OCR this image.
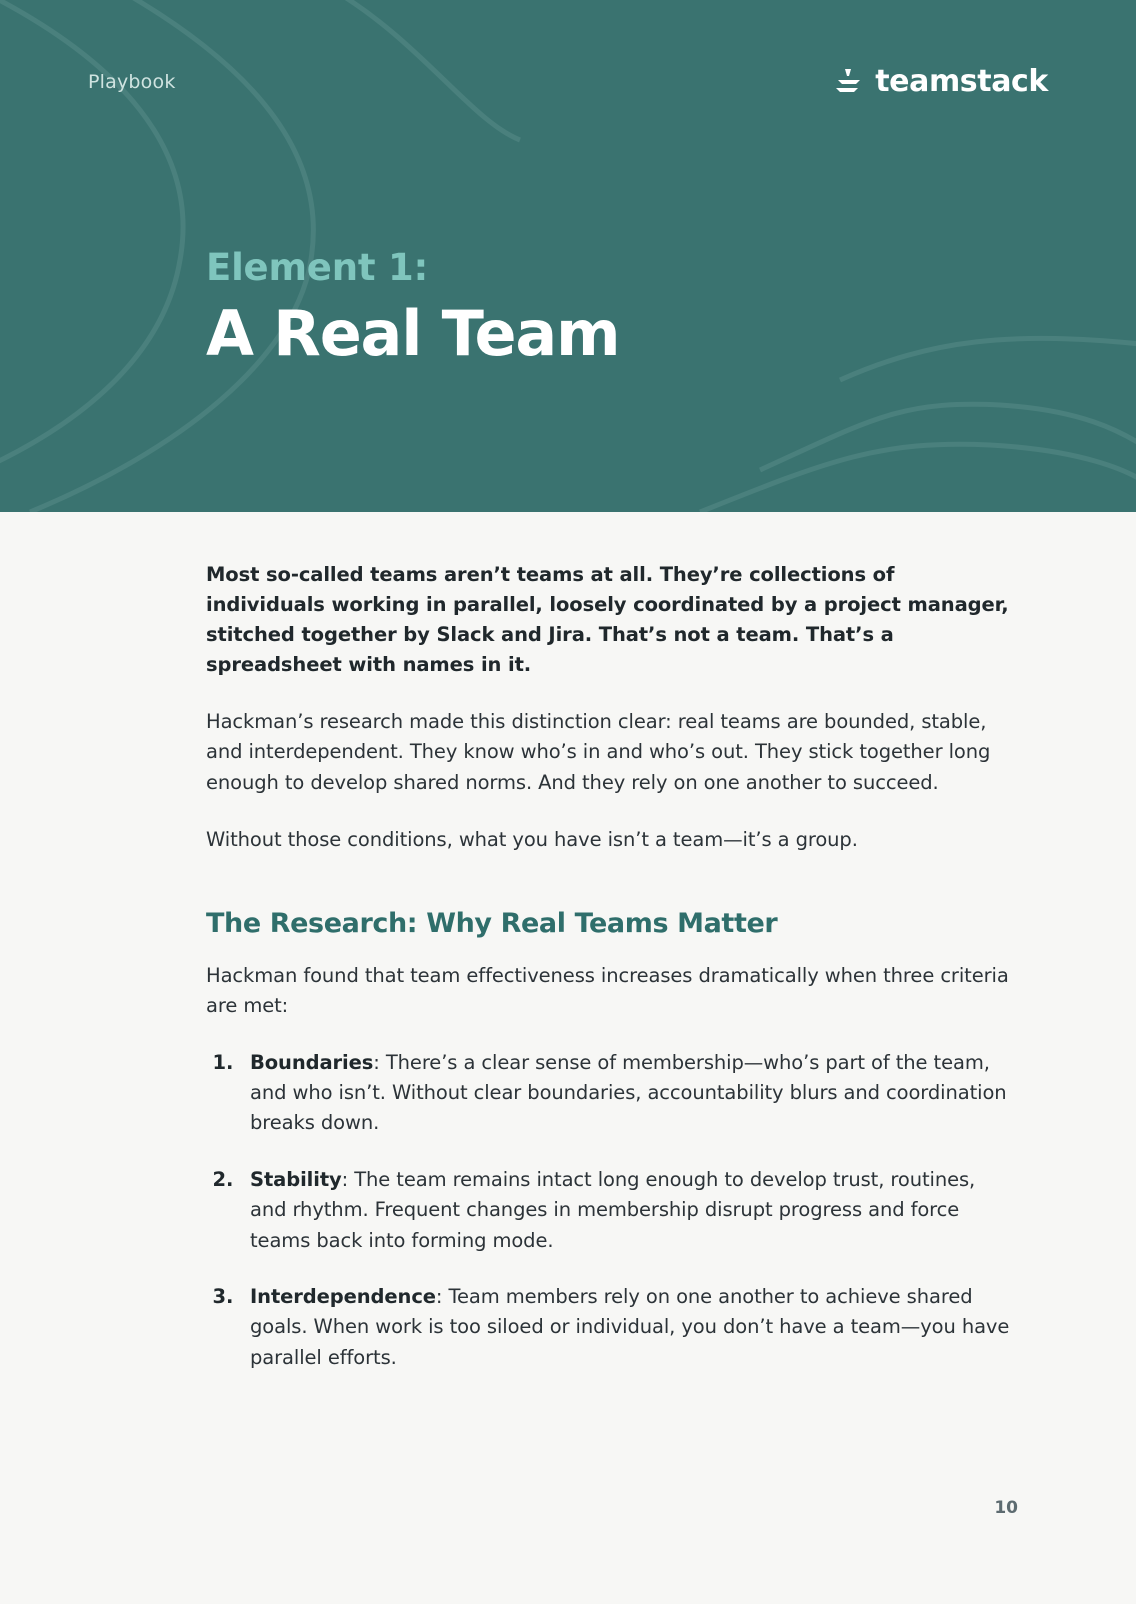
Playbook	teamstack
Element 1:
A Real Team

Most so-called teams aren’t teams at all. They’re collections of individuals working in parallel, loosely coordinated by a project manager, stitched together by Slack and Jira. That’s not a team. That’s a spreadsheet with names in it.

Hackman’s research made this distinction clear: real teams are bounded, stable, and interdependent. They know who’s in and who’s out. They stick together long enough to develop shared norms. And they rely on one another to succeed.

Without those conditions, what you have isn’t a team—it’s a group.

The Research: Why Real Teams Matter

Hackman found that team effectiveness increases dramatically when three criteria are met:

1. Boundaries: There’s a clear sense of membership—who’s part of the team, and who isn’t. Without clear boundaries, accountability blurs and coordination breaks down.
2. Stability: The team remains intact long enough to develop trust, routines, and rhythm. Frequent changes in membership disrupt progress and force teams back into forming mode.
3. Interdependence: Team members rely on one another to achieve shared goals. When work is too siloed or individual, you don’t have a team—you have parallel efforts.
10
